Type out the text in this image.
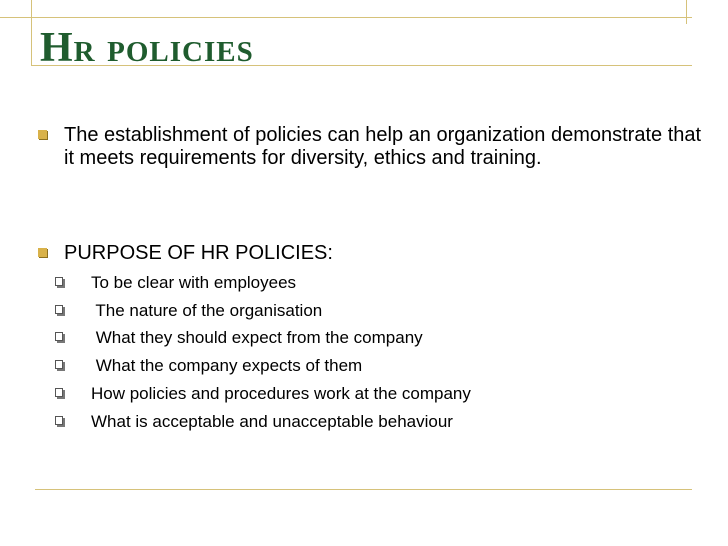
Hr policies
The establishment of policies can help an organization demonstrate that it meets requirements for diversity, ethics and training.
PURPOSE OF HR POLICIES:
To be clear with employees
The nature of the organisation
What they should expect from the company
What the company expects of them
How policies and procedures work at the company
What is acceptable and unacceptable behaviour
